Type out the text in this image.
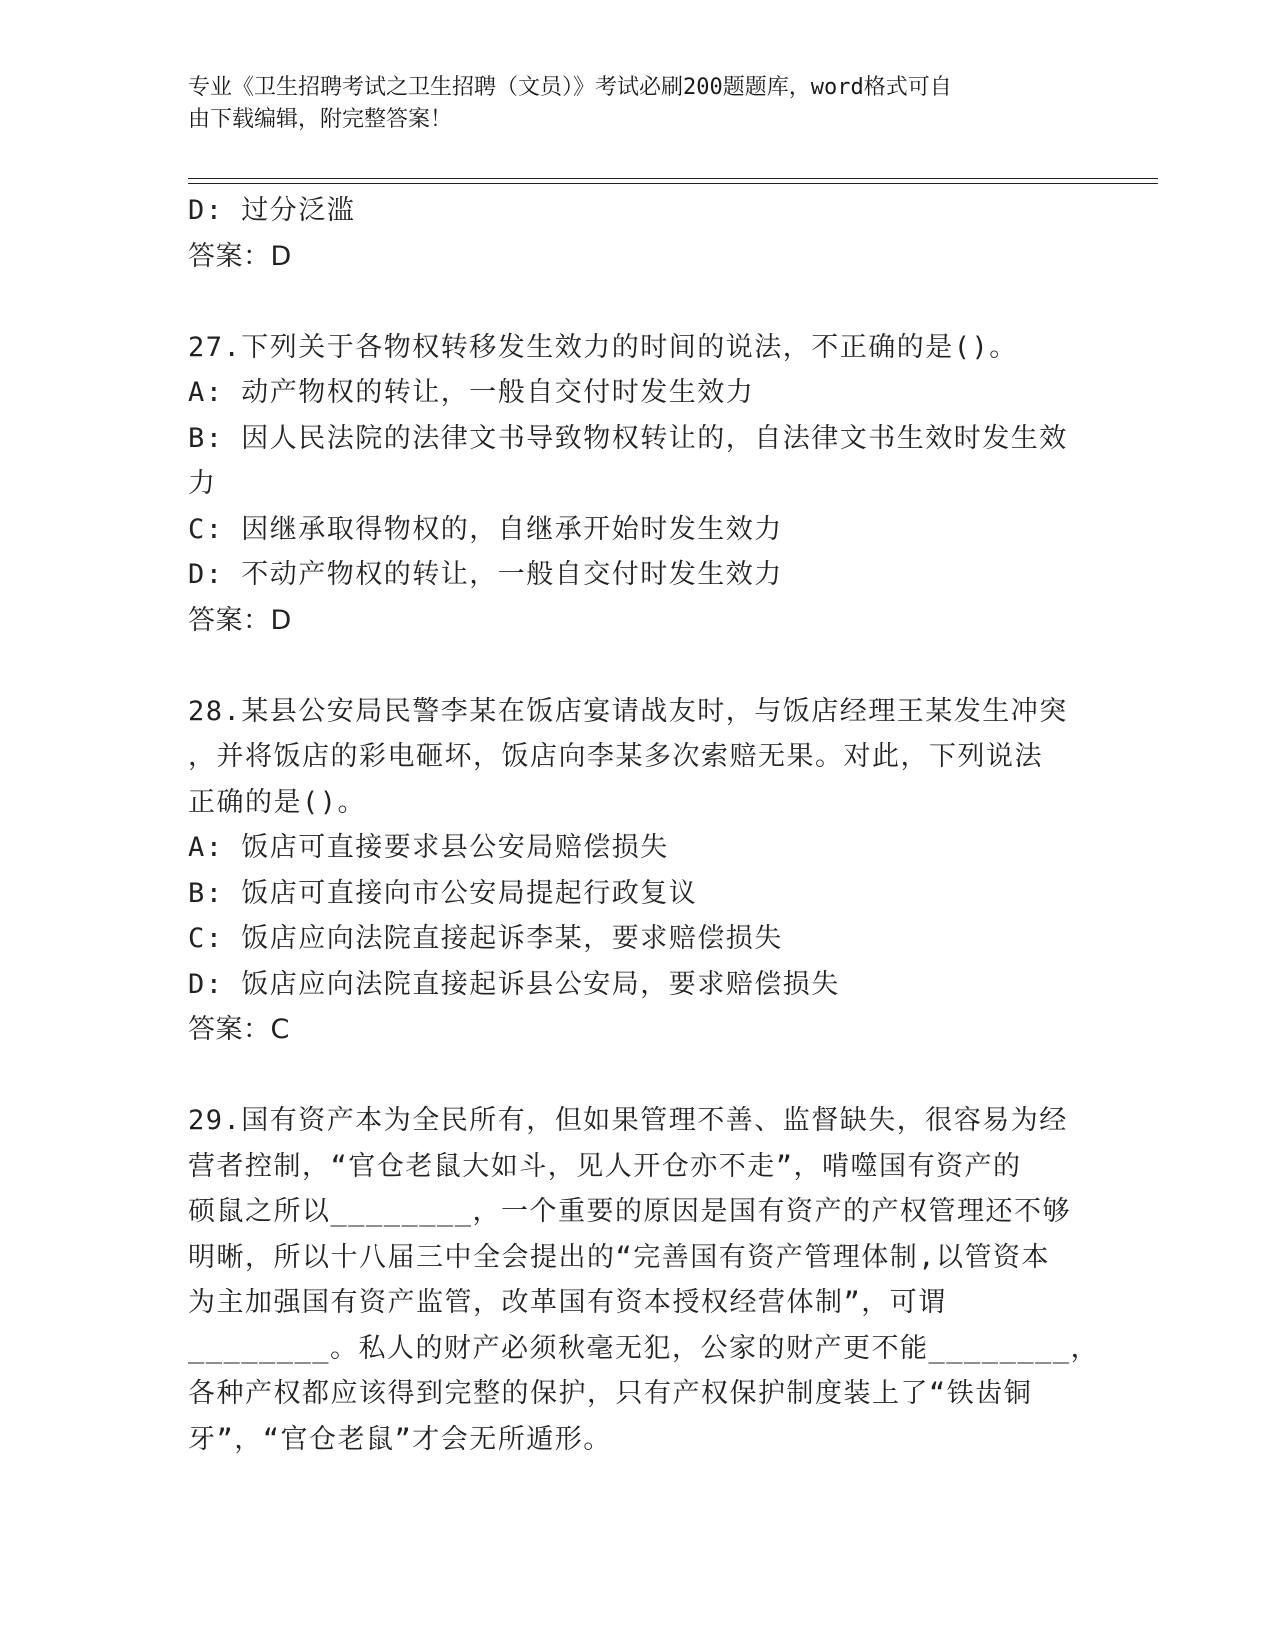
专业《卫生招聘考试之卫生招聘（文员）》考试必刷200题题库，word格式可自
由下载编辑，附完整答案！
D: 过分泛滥
答案：D
27.下列关于各物权转移发生效力的时间的说法，不正确的是()。
A: 动产物权的转让，一般自交付时发生效力
B: 因人民法院的法律文书导致物权转让的，自法律文书生效时发生效
力
C: 因继承取得物权的，自继承开始时发生效力
D: 不动产物权的转让，一般自交付时发生效力
答案：D
28.某县公安局民警李某在饭店宴请战友时，与饭店经理王某发生冲突
，并将饭店的彩电砸坏，饭店向李某多次索赔无果。对此，下列说法
正确的是()。
A: 饭店可直接要求县公安局赔偿损失
B: 饭店可直接向市公安局提起行政复议
C: 饭店应向法院直接起诉李某，要求赔偿损失
D: 饭店应向法院直接起诉县公安局，要求赔偿损失
答案：C
29.国有资产本为全民所有，但如果管理不善、监督缺失，很容易为经
营者控制，“官仓老鼠大如斗，见人开仓亦不走”，啃噬国有资产的
硕鼠之所以________，一个重要的原因是国有资产的产权管理还不够
明晰，所以十八届三中全会提出的“完善国有资产管理体制,以管资本
为主加强国有资产监管，改革国有资本授权经营体制”，可谓
________。私人的财产必须秋毫无犯，公家的财产更不能________，
各种产权都应该得到完整的保护，只有产权保护制度装上了“铁齿铜
牙”，“官仓老鼠”才会无所遁形。
